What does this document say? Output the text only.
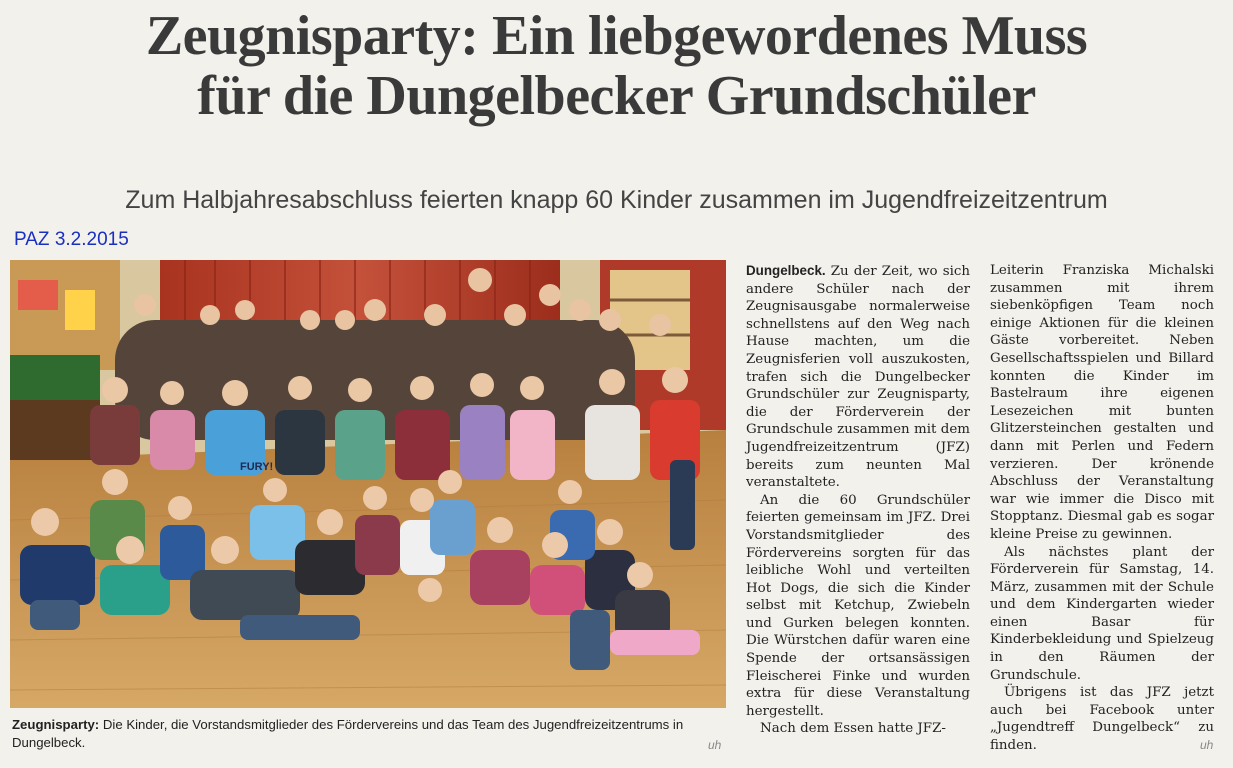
Zeugnisparty: Ein liebgewordenes Muss
für die Dungelbecker Grundschüler
Zum Halbjahresabschluss feierten knapp 60 Kinder zusammen im Jugendfreizeitzentrum
PAZ 3.2.2015
FURY!
Zeugnisparty: Die Kinder, die Vorstandsmitglieder des Fördervereins und das Team des Jugendfreizeitzentrums in Dungelbeck.	uh

Dungelbeck. Zu der Zeit, wo sich andere Schüler nach der Zeugnisausgabe normalerweise schnellstens auf den Weg nach Hause machten, um die Zeugnisferien voll auszukosten, trafen sich die Dungelbecker Grundschüler zur Zeugnisparty, die der Förderverein der Grundschule zusammen mit dem Jugendfreizeitzentrum (JFZ) bereits zum neunten Mal veranstaltete.

An die 60 Grundschüler feierten gemeinsam im JFZ. Drei Vorstandsmitglieder des Fördervereins sorgten für das leibliche Wohl und verteilten Hot Dogs, die sich die Kinder selbst mit Ketchup, Zwiebeln und Gurken belegen konnten. Die Würstchen dafür waren eine Spende der ortsansässigen Fleischerei Finke und wurden extra für diese Veranstaltung hergestellt.

Nach dem Essen hatte JFZ-

Leiterin Franziska Michalski zusammen mit ihrem siebenköpfigen Team noch einige Aktionen für die kleinen Gäste vorbereitet. Neben Gesellschaftsspielen und Billard konnten die Kinder im Bastelraum ihre eigenen Lesezeichen mit bunten Glitzersteinchen gestalten und dann mit Perlen und Federn verzieren. Der krönende Abschluss der Veranstaltung war wie immer die Disco mit Stopptanz. Diesmal gab es sogar kleine Preise zu gewinnen.

Als nächstes plant der Förderverein für Samstag, 14. März, zusammen mit der Schule und dem Kindergarten wieder einen Basar für Kinderbekleidung und Spielzeug in den Räumen der Grundschule.

Übrigens ist das JFZ jetzt auch bei Facebook unter „Jugendtreff Dungelbeck“ zu finden.	uh
